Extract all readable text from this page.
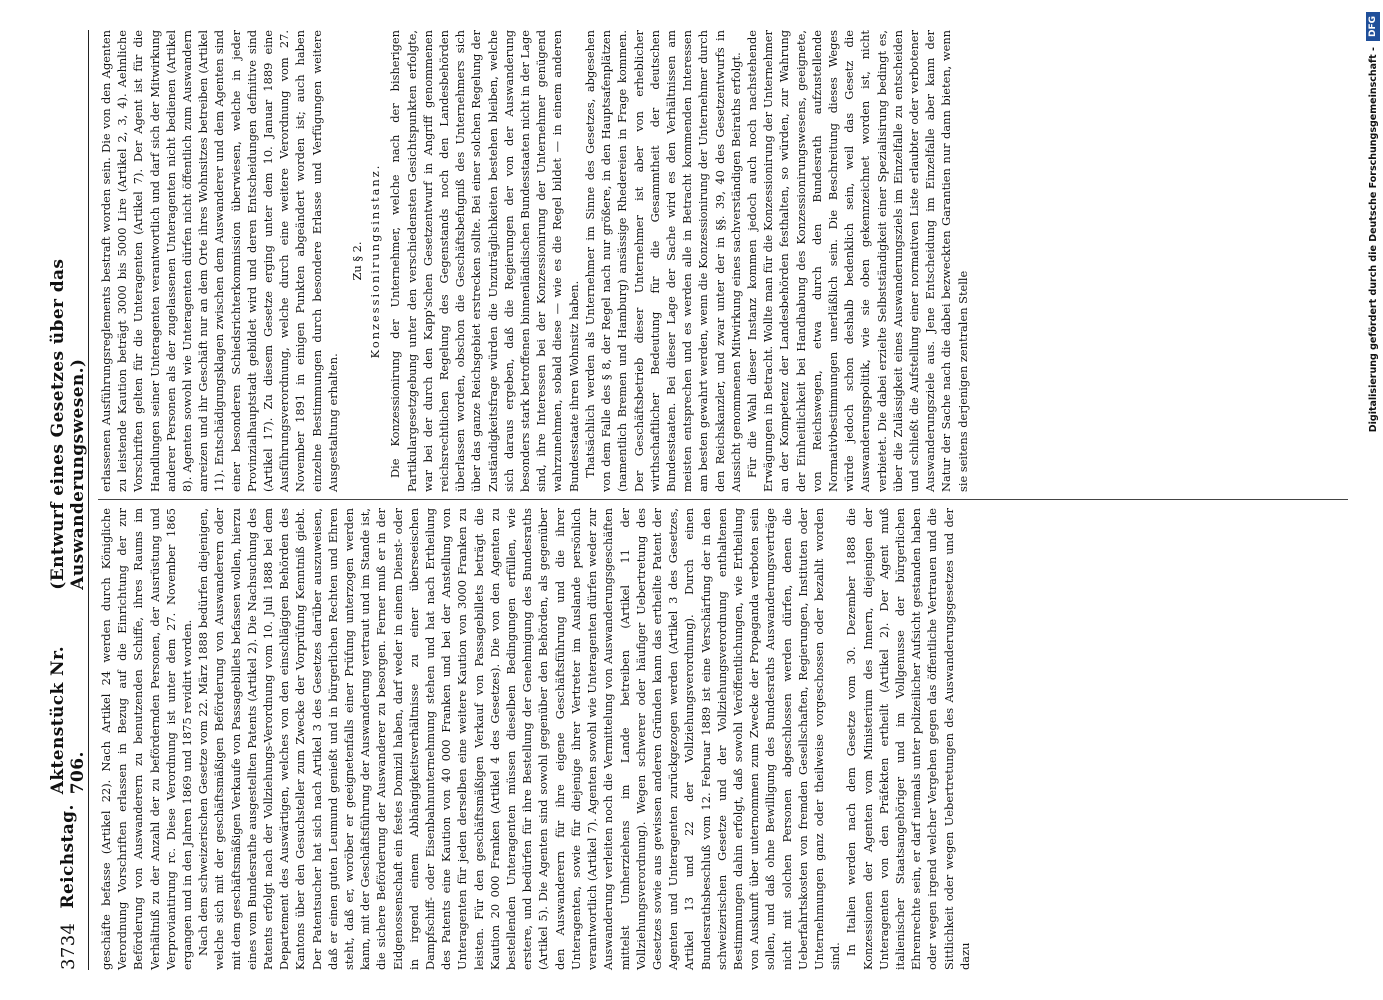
3734
Reichstag.
Aktenstück Nr. 706.
(Entwurf eines Gesetzes über das Auswanderungswesen.)

geschäfte befasse (Artikel 22). Nach Artikel 24 werden durch Königliche Verordnung Vorschriften erlassen in Bezug auf die Einrichtung der zur Beförderung von Auswanderern zu benutzenden Schiffe, ihres Raums im Verhältniß zu der Anzahl der zu befördernden Personen, der Ausrüstung und Verproviantirung rc. Diese Verordnung ist unter dem 27. November 1865 ergangen und in den Jahren 1869 und 1875 revidirt worden. Nach dem schweizerischen Gesetze vom 22. März 1888 bedürfen diejenigen, welche sich mit der geschäftsmäßigen Beförderung von Auswanderern oder mit dem geschäftsmäßigen Verkaufe von Passagebillets befassen wollen, hierzu eines vom Bundesrathe ausgestellten Patents (Artikel 2). Die Nachsuchung des Patents erfolgt nach der Vollziehungs-Verordnung vom 10. Juli 1888 bei dem Departement des Auswärtigen, welches von den einschlägigen Behörden des Kantons über den Gesuchsteller zum Zwecke der Vorprüfung Kenntniß giebt. Der Patentsucher hat sich nach Artikel 3 des Gesetzes darüber auszuweisen, daß er einen guten Leumund genießt und in bürgerlichen Rechten und Ehren steht, daß er, woröber er geeignetenfalls einer Prüfung unterzogen werden kann, mit der Geschäftsführung der Auswanderung vertraut und im Stande ist, die sichere Beförderung der Auswanderer zu besorgen. Ferner muß er in der Eidgenossenschaft ein festes Domizil haben, darf weder in einem Dienst- oder in irgend einem Abhängigkeitsverhältnisse zu einer überseeischen Dampfschiff- oder Eisenbahnunternehmung stehen und hat nach Ertheilung des Patents eine Kaution von 40 000 Franken und bei der Anstellung von Unteragenten für jeden derselben eine weitere Kaution von 3000 Franken zu leisten. Für den geschäftsmäßigen Verkauf von Passagebillets beträgt die Kaution 20 000 Franken (Artikel 4 des Gesetzes). Die von den Agenten zu bestellenden Unteragenten müssen dieselben Bedingungen erfüllen, wie erstere, und bedürfen für ihre Bestellung der Genehmigung des Bundesraths (Artikel 5). Die Agenten sind sowohl gegenüber den Behörden, als gegenüber den Auswanderern für ihre eigene Geschäftsführung und die ihrer Unteragenten, sowie für diejenige ihrer Vertreter im Auslande persönlich verantwortlich (Artikel 7). Agenten sowohl wie Unteragenten dürfen weder zur Auswanderung verleiten noch die Vermittelung von Auswanderungsgeschäften mittelst Umherziehens im Lande betreiben (Artikel 11 der Vollziehungsverordnung). Wegen schwerer oder häufiger Uebertretung des Gesetzes sowie aus gewissen anderen Gründen kann das ertheilte Patent der Agenten und Unteragenten zurückgezogen werden (Artikel 3 des Gesetzes, Artikel 13 und 22 der Vollziehungsverordnung). Durch einen Bundesrathsbeschluß vom 12. Februar 1889 ist eine Verschärfung der in den schweizerischen Gesetze und der Vollziehungsverordnung enthaltenen Bestimmungen dahin erfolgt, daß sowohl Veröffentlichungen, wie Ertheilung von Auskunft über unternommen zum Zwecke der Propaganda verboten sein sollen, und daß ohne Bewilligung des Bundesraths Auswanderungsverträge nicht mit solchen Personen abgeschlossen werden dürfen, denen die Ueberfahrtskosten von fremden Gesellschaften, Regierungen, Instituten oder Unternehmungen ganz oder theilweise vorgeschossen oder bezahlt worden sind.

In Italien werden nach dem Gesetze vom 30. Dezember 1888 die Konzessionen der Agenten vom Ministerium des Innern, diejenigen der Unteragenten von den Präfekten ertheilt (Artikel 2). Der Agent muß italienischer Staatsangehöriger und im Vollgenusse der bürgerlichen Ehrenrechte sein, er darf niemals unter polizeilicher Aufsicht gestanden haben oder wegen irgend welcher Vergehen gegen das öffentliche Vertrauen und die Sittlichkeit oder wegen Uebertretungen des Auswanderungsgesetzes und der dazu

erlassenen Ausführungsreglements bestraft worden sein. Die von den Agenten zu leistende Kaution beträgt 3000 bis 5000 Lire (Artikel 2, 3, 4). Aehnliche Vorschriften gelten für die Unteragenten (Artikel 7). Der Agent ist für die Handlungen seiner Unteragenten verantwortlich und darf sich der Mitwirkung anderer Personen als der zugelassenen Unteragenten nicht bedienen (Artikel 8). Agenten sowohl wie Unteragenten dürfen nicht öffentlich zum Auswandern anreizen und ihr Geschäft nur an dem Orte ihres Wohnsitzes betreiben (Artikel 11). Entschädigungsklagen zwischen dem Auswanderer und dem Agenten sind einer besonderen Schiedsrichterkommission überwiesen, welche in jeder Provinzialhauptstadt gebildet wird und deren Entscheidungen definitive sind (Artikel 17). Zu diesem Gesetze erging unter dem 10. Januar 1889 eine Ausführungsverordnung, welche durch eine weitere Verordnung vom 27. November 1891 in einigen Punkten abgeändert worden ist; auch haben einzelne Bestimmungen durch besondere Erlasse und Verfügungen weitere Ausgestaltung erhalten.

Zu § 2. Konzessionirungsinstanz. Die Konzessionirung der Unternehmer, welche nach der bisherigen Partikulargesetzgebung unter den verschiedensten Gesichtspunkten erfolgte, war bei der durch den Kapp'schen Gesetzentwurf in Angriff genommenen reichsrechtlichen Regelung des Gegenstands noch den Landesbehörden überlassen worden, obschon die Geschäftsbefugniß des Unternehmers sich über das ganze Reichsgebiet erstrecken sollte. Bei einer solchen Regelung der Zuständigkeitsfrage würden die Unzuträglichkeiten bestehen bleiben, welche sich daraus ergeben, daß die Regierungen der von der Auswanderung besonders stark betroffenen binnenländischen Bundesstaaten nicht in der Lage sind, ihre Interessen bei der Konzessionirung der Unternehmer genügend wahrzunehmen, sobald diese — wie es die Regel bildet — in einem anderen Bundesstaate ihren Wohnsitz haben. Thatsächlich werden als Unternehmer im Sinne des Gesetzes, abgesehen von dem Falle des § 8, der Regel nach nur größere, in den Hauptsafenplätzen (namentlich Bremen und Hamburg) ansässige Rhedereien in Frage kommen. Der Geschäftsbetrieb dieser Unternehmer ist aber von erheblicher wirthschaftlicher Bedeutung für die Gesammtheit der deutschen Bundesstaaten. Bei dieser Lage der Sache wird es den Verhältnissen am meisten entsprechen und es werden alle in Betracht kommenden Interessen am besten gewahrt werden, wenn die Konzessionirung der Unternehmer durch den Reichskanzler, und zwar unter der in §§. 39, 40 des Gesetzentwurfs in Aussicht genommenen Mitwirkung eines sachverständigen Beiraths erfolgt. Für die Wahl dieser Instanz kommen jedoch auch noch nachstehende Erwägungen in Betracht. Wollte man für die Konzessionirung der Unternehmer an der Kompetenz der Landesbehörden festhalten, so würden, zur Wahrung der Einheitlichkeit bei Handhabung des Konzessionirungswesens, geeignete, von Reichswegen, etwa durch den Bundesrath aufzustellende Normativbestimmungen unerläßlich sein. Die Beschreitung dieses Weges würde jedoch schon deshalb bedenklich sein, weil das Gesetz die Auswanderungspolitik, wie sie oben gekennzeichnet worden ist, nicht verbietet. Die dabei erzielte Selbstständigkeit einer Spezialisirung bedingt es, über die Zulässigkeit eines Auswanderungsziels im Einzelfalle zu entscheiden und schließt die Aufstellung einer normativen Liste erlaubter oder verbotener Auswanderungsziele aus. Jene Entscheidung im Einzelfalle aber kann der Natur der Sache nach die dabei bezweckten Garantien nur dann bieten, wenn sie seitens derjenigen zentralen Stelle	Digitalisierung gefördert durch die Deutsche Forschungsgemeinschaft -
DFG
